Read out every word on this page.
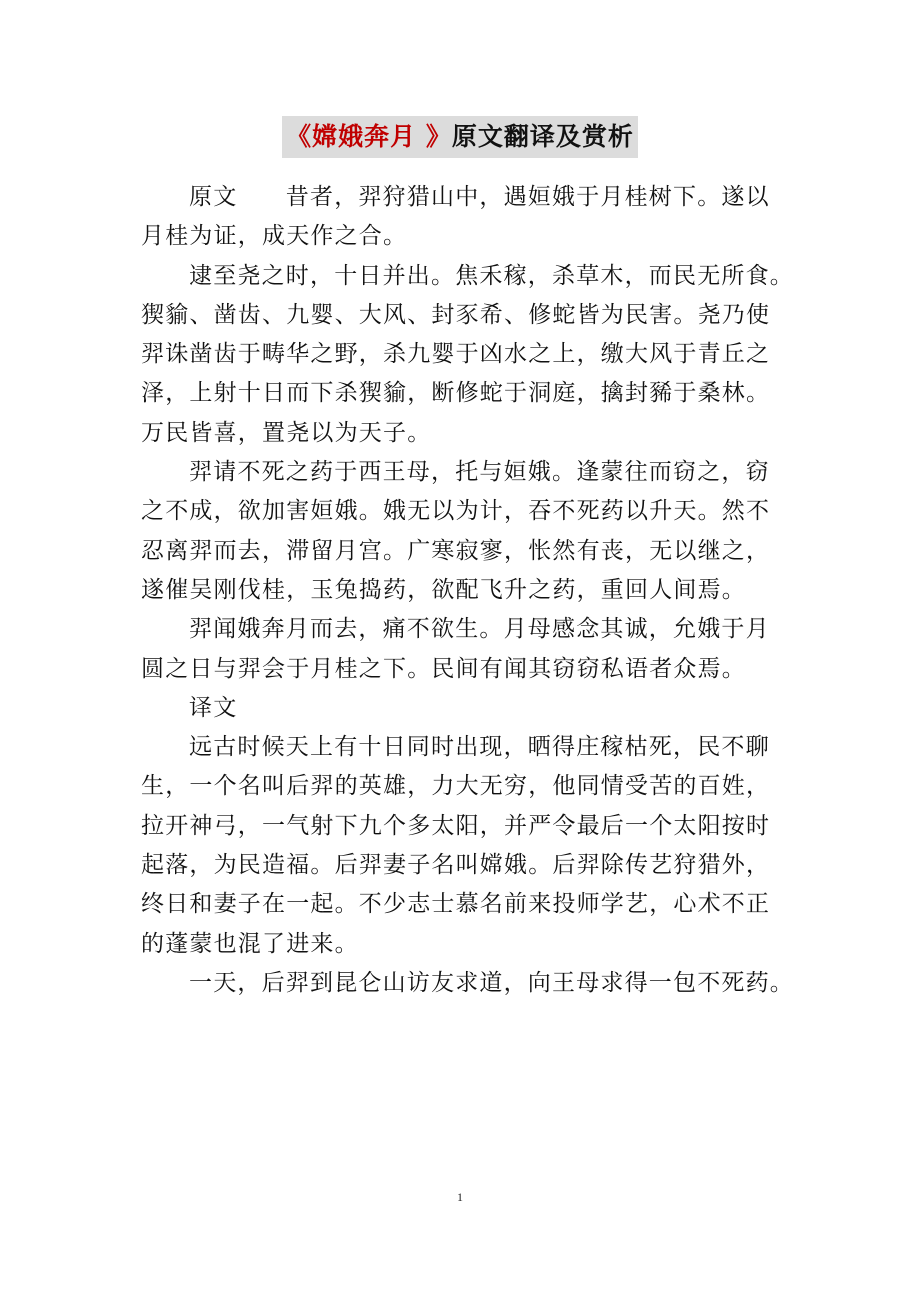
《嫦娥奔月 》原文翻译及赏析

原文　　昔者，羿狩猎山中，遇姮娥于月桂树下。遂以
月桂为证，成天作之合。

逮至尧之时，十日并出。焦禾稼，杀草木，而民无所食。
猰貐、凿齿、九婴、大风、封豕希、修蛇皆为民害。尧乃使
羿诛凿齿于畴华之野，杀九婴于凶水之上，缴大风于青丘之
泽，上射十日而下杀猰貐，断修蛇于洞庭，擒封豨于桑林。
万民皆喜，置尧以为天子。

羿请不死之药于西王母，托与姮娥。逢蒙往而窃之，窃
之不成，欲加害姮娥。娥无以为计，吞不死药以升天。然不
忍离羿而去，滞留月宫。广寒寂寥，怅然有丧，无以继之，
遂催吴刚伐桂，玉兔捣药，欲配飞升之药，重回人间焉。

羿闻娥奔月而去，痛不欲生。月母感念其诚，允娥于月
圆之日与羿会于月桂之下。民间有闻其窃窃私语者众焉。

译文

远古时候天上有十日同时出现，晒得庄稼枯死，民不聊
生，一个名叫后羿的英雄，力大无穷，他同情受苦的百姓，
拉开神弓，一气射下九个多太阳，并严令最后一个太阳按时
起落，为民造福。后羿妻子名叫嫦娥。后羿除传艺狩猎外，
终日和妻子在一起。不少志士慕名前来投师学艺，心术不正
的蓬蒙也混了进来。

一天，后羿到昆仑山访友求道，向王母求得一包不死药。

1
